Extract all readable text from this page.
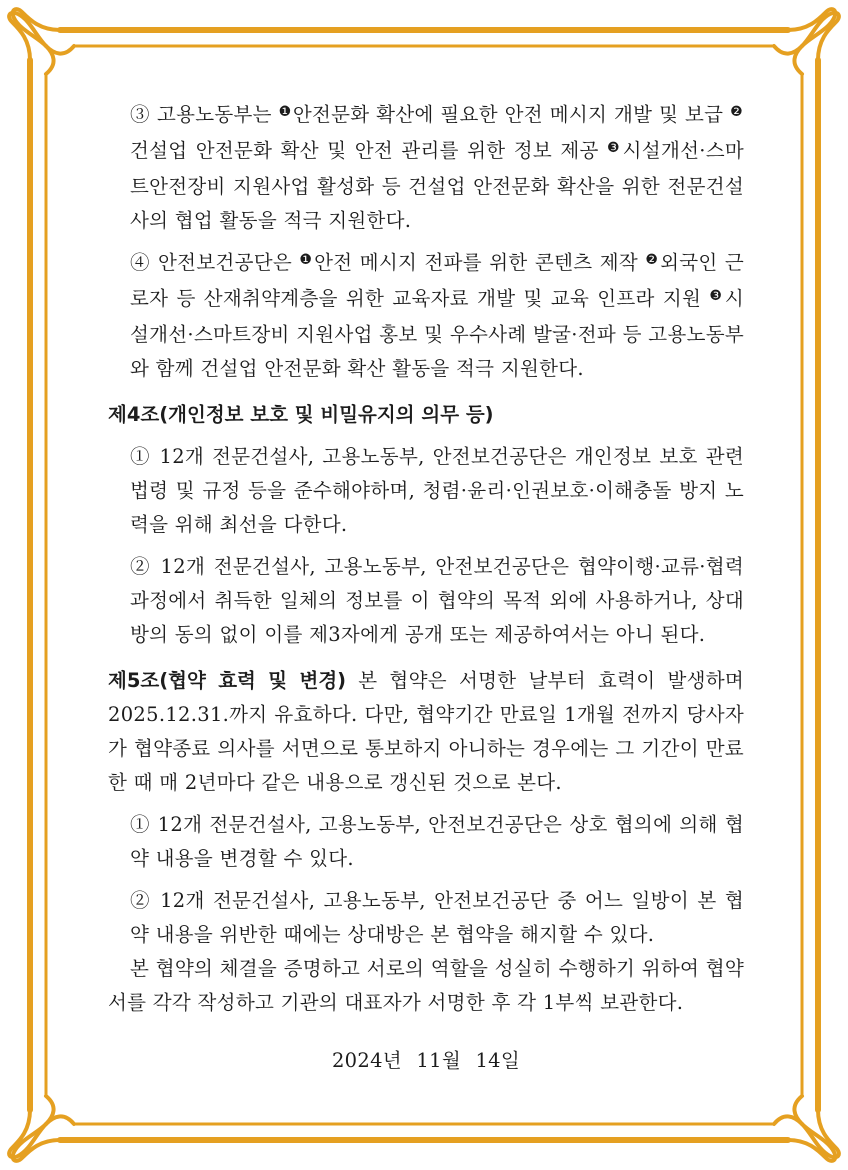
③ 고용노동부는 $^❶$안전문화 확산에 필요한 안전 메시지 개발 및 보급 $^❷$건설업 안전문화 확산 및 안전 관리를 위한 정보 제공 $^❸$시설개선·스마트안전장비 지원사업 활성화 등 건설업 안전문화 확산을 위한 전문건설사의 협업 활동을 적극 지원한다.

④ 안전보건공단은 $^❶$안전 메시지 전파를 위한 콘텐츠 제작 $^❷$외국인 근로자 등 산재취약계층을 위한 교육자료 개발 및 교육 인프라 지원 $^❸$시설개선·스마트장비 지원사업 홍보 및 우수사례 발굴·전파 등 고용노동부와 함께 건설업 안전문화 확산 활동을 적극 지원한다.

제4조(개인정보 보호 및 비밀유지의 의무 등)

① 12개 전문건설사, 고용노동부, 안전보건공단은 개인정보 보호 관련 법령 및 규정 등을 준수해야하며, 청렴·윤리·인권보호·이해충돌 방지 노력을 위해 최선을 다한다.

② 12개 전문건설사, 고용노동부, 안전보건공단은 협약이행·교류·협력 과정에서 취득한 일체의 정보를 이 협약의 목적 외에 사용하거나, 상대방의 동의 없이 이를 제3자에게 공개 또는 제공하여서는 아니 된다.

제5조(협약 효력 및 변경) 본 협약은 서명한 날부터 효력이 발생하며 2025.12.31.까지 유효하다. 다만, 협약기간 만료일 1개월 전까지 당사자가 협약종료 의사를 서면으로 통보하지 아니하는 경우에는 그 기간이 만료한 때 매 2년마다 같은 내용으로 갱신된 것으로 본다.

① 12개 전문건설사, 고용노동부, 안전보건공단은 상호 협의에 의해 협약 내용을 변경할 수 있다.

② 12개 전문건설사, 고용노동부, 안전보건공단 중 어느 일방이 본 협약 내용을 위반한 때에는 상대방은 본 협약을 해지할 수 있다.

본 협약의 체결을 증명하고 서로의 역할을 성실히 수행하기 위하여 협약서를 각각 작성하고 기관의 대표자가 서명한 후 각 1부씩 보관한다.

2024년 11월 14일
